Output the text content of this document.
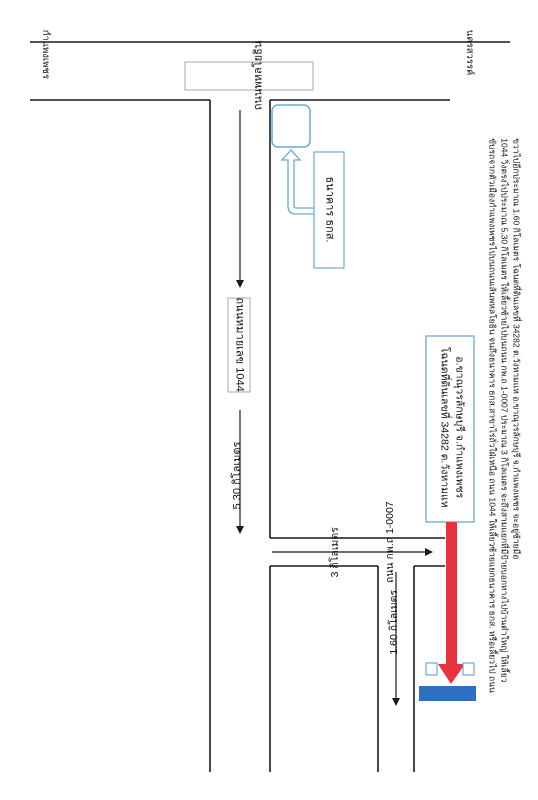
กำแพงเพชร	นครสวรรค์
ถนนพหลโยธิน
ถนนหมายเลข 1044
ธนาคาร ธกส.
5.30 กิโลเมตร
ถนน กพ.ถ 1-0007
3 กิโลเมตร
1.60 กิโลเมตร
โฉนดที่ดินเลขที่ 34282 ต.วังหามแห อ.ขาณุวรลักษบุรี จ.กำแพงเพชร	ขับรถจากตัวเมืองกำแพงเพชรไปบนถนนเส้นพหลโยธิน จนถึงธนาคาร ธกส.สาขาไร่ถั่วใฝ่เหนือ ถนน 1044 ให้เลี้ยวซ้ายแยกธนาคาร ธกส. หรือเลี้ยวไป ถนน 1044 วิ่งตรงไปประมาณ 5.30 กิโลเมตร ให้เลี้ยวซ้ายไปบนถนน กพ.ถ 1-0007 ประมาณ 3 กิโลเมตร จะถึงสามแยกที่มีป้ายบอกทางไปบ้านดำใหญ่ ให้เลี้ยว ขวาไปอีกประมาณ 1.60 กิโลเมตร โฉนดที่ดินเลขที่ 34282 ต.วังหามแห อ.ขาณุวรลักษบุรี จ.กำแพงเพชร จะอยู่ซ้ายมือ
